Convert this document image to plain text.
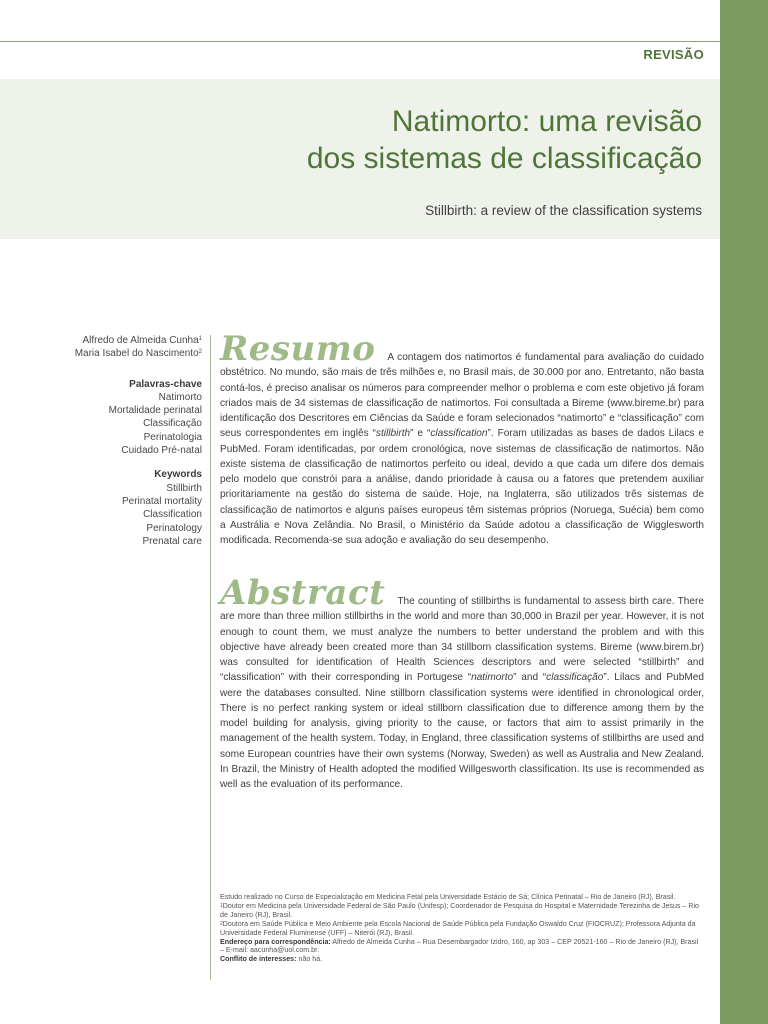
REVISÃO
Natimorto: uma revisão
dos sistemas de classificação
Stillbirth: a review of the classification systems
Alfredo de Almeida Cunha$^1$
Maria Isabel do Nascimento$^2$
Palavras-chave
Natimorto
Mortalidade perinatal
Classificação
Perinatologia
Cuidado Pré-natal
Keywords
Stillbirth
Perinatal mortality
Classification
Perinatology
Prenatal care
Resumo A contagem dos natimortos é fundamental para avaliação do cuidado obstétrico. No mundo, são mais de três milhões e, no Brasil mais, de 30.000 por ano. Entretanto, não basta contá-los, é preciso analisar os números para compreender melhor o problema e com este objetivo já foram criados mais de 34 sistemas de classificação de natimortos. Foi consultada a Bireme (www.bireme.br) para identificação dos Descritores em Ciências da Saúde e foram selecionados “natimorto” e “classificação” com seus correspondentes em inglês “stillbirth” e “classification”. Foram utilizadas as bases de dados Lilacs e PubMed. Foram identificadas, por ordem cronológica, nove sistemas de classificação de natimortos. Não existe sistema de classificação de natimortos perfeito ou ideal, devido a que cada um difere dos demais pelo modelo que constrói para a análise, dando prioridade à causa ou a fatores que pretendem auxiliar prioritariamente na gestão do sistema de saúde. Hoje, na Inglaterra, são utilizados três sistemas de classificação de natimortos e alguns países europeus têm sistemas próprios (Noruega, Suécia) bem como a Austrália e Nova Zelândia. No Brasil, o Ministério da Saúde adotou a classificação de Wigglesworth modificada. Recomenda-se sua adoção e avaliação do seu desempenho.
Abstract The counting of stillbirths is fundamental to assess birth care. There are more than three million stillbirths in the world and more than 30,000 in Brazil per year. However, it is not enough to count them, we must analyze the numbers to better understand the problem and with this objective have already been created more than 34 stillborn classification systems. Bireme (www.birem.br) was consulted for identification of Health Sciences descriptors and were selected “stillbirth” and “classification” with their corresponding in Portugese “natimorto” and “classificação”. Lilacs and PubMed were the databases consulted. Nine stillborn classification systems were identified in chronological order, There is no perfect ranking system or ideal stillborn classification due to difference among them by the model building for analysis, giving priority to the cause, or factors that aim to assist primarily in the management of the health system. Today, in England, three classification systems of stillbirths are used and some European countries have their own systems (Norway, Sweden) as well as Australia and New Zealand. In Brazil, the Ministry of Health adopted the modified Willgesworth classification. Its use is recommended as well as the evaluation of its performance.
Estudo realizado no Curso de Especialização em Medicina Fetal pela Universidade Estácio de Sá; Clínica Perinatal – Rio de Janeiro (RJ), Brasil.
$^1$Doutor em Medicina pela Universidade Federal de São Paulo (Unifesp); Coordenador de Pesquisa do Hospital e Maternidade Terezinha de Jesus – Rio de Janeiro (RJ), Brasil.
$^2$Doutora em Saúde Pública e Meio Ambiente pela Escola Nacional de Saúde Pública pela Fundação Oswaldo Cruz (FIOCRUZ); Professora Adjunta da Universidade Federal Fluminense (UFF) – Niterói (RJ), Brasil.
Endereço para correspondência: Alfredo de Almeida Cunha – Rua Desembargador Izidro, 160, ap 303 – CEP 20521-160 – Rio de Janeiro (RJ), Brasil – E-mail: aacunha@uol.com.br.
Conflito de interesses: não há.
